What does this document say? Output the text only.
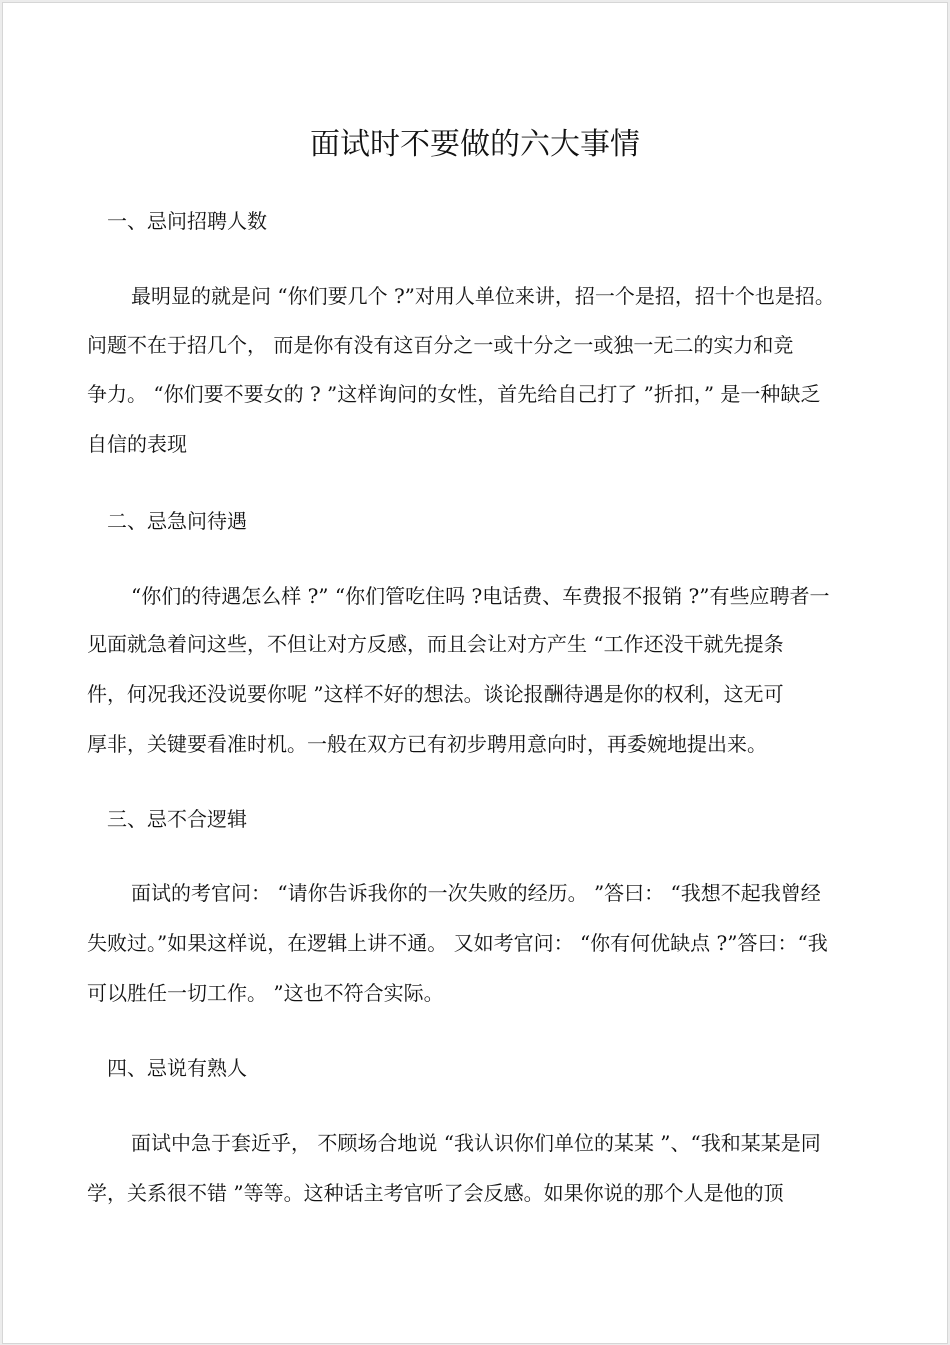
面试时不要做的六大事情
一、忌问招聘人数
最明显的就是问 “你们要几个 ?”对用人单位来讲，招一个是招，招十个也是招。
问题不在于招几个， 而是你有没有这百分之一或十分之一或独一无二的实力和竞
争力。 “你们要不要女的 ? ”这样询问的女性，首先给自己打了 ”折扣，” 是一种缺乏
自信的表现
二、忌急问待遇
“你们的待遇怎么样 ?” “你们管吃住吗 ?电话费、车费报不报销 ?”有些应聘者一
见面就急着问这些，不但让对方反感，而且会让对方产生 “工作还没干就先提条
件，何况我还没说要你呢 ”这样不好的想法。谈论报酬待遇是你的权利，这无可
厚非，关键要看准时机。一般在双方已有初步聘用意向时，再委婉地提出来。
三、忌不合逻辑
面试的考官问： “请你告诉我你的一次失败的经历。 ”答曰： “我想不起我曾经
失败过。”如果这样说，在逻辑上讲不通。 又如考官问： “你有何优缺点 ?”答曰：“我
可以胜任一切工作。 ”这也不符合实际。
四、忌说有熟人
面试中急于套近乎， 不顾场合地说 “我认识你们单位的某某 ”、“我和某某是同
学，关系很不错 ”等等。这种话主考官听了会反感。如果你说的那个人是他的顶
